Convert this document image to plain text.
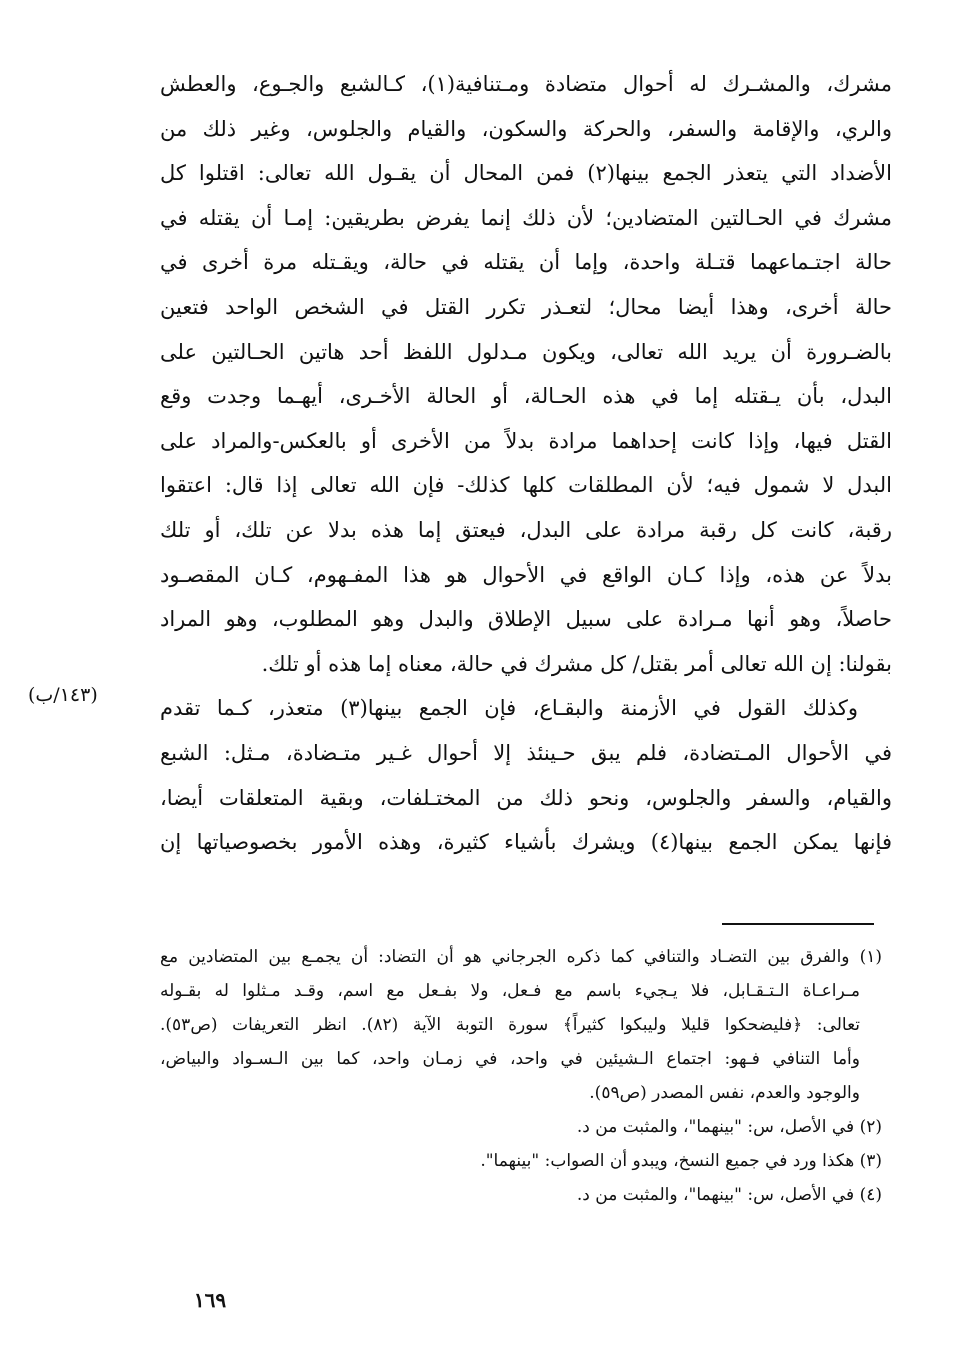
مشرك، والمشـرك له أحوال متضادة ومـتنافية(١)، كـالشبع والجـوع، والعطش
والري، والإقامة والسفر، والحركة والسكون، والقيام والجلوس، وغير ذلك من
الأضداد التي يتعذر الجمع بينها(٢) فمن المحال أن يقـول الله تعالى: اقتلوا كل
مشرك في الحـالتين المتضادين؛ لأن ذلك إنما يفرض بطريقين: إمـا أن يقتله في
حالة اجتـماعهما قتـلة واحدة، وإما أن يقتله في حالة، ويقـتله مرة أخرى في
حالة أخرى، وهذا أيضا محال؛ لتعـذر تكرر القتل في الشخص الواحد فتعين
بالضـرورة أن يريد الله تعالى، ويكون مـدلول اللفظ أحد هاتين الحـالتين على
البدل، بأن يـقتله إما في هذه الحـالة، أو الحالة الأخـرى، أيهـما وجدت وقع
القتل فيها، وإذا كانت إحداهما مرادة بدلاً من الأخرى أو بالعكس-والمراد على
البدل لا شمول فيه؛ لأن المطلقات كلها كذلك- فإن الله تعالى إذا قال: اعتقوا
رقبة، كانت كل رقبة مرادة على البدل، فيعتق إما هذه بدلا عن تلك، أو تلك
بدلاً عن هذه، وإذا كـان الواقع في الأحوال هو هذا المفـهوم، كـان المقصـود
حاصلاً، وهو أنها مـرادة على سبيل الإطلاق والبدل وهو المطلوب، وهو المراد
بقولنا: إن الله تعالى أمر بقتل/ كل مشرك في حالة، معناه إما هذه أو تلك.
وكذلك القول في الأزمنة والبقـاع، فإن الجمع بينها(٣) متعذر، كـما تقدم
في الأحوال المـتضادة، فلم يبق حـينئذ إلا أحوال غـير متـضادة، مـثل: الشبع
والقيام، والسفر والجلوس، ونحو ذلك من المختـلفات، وبقية المتعلقات أيضا،
فإنها يمكن الجمع بينها(٤) ويشرك بأشياء كثيرة، وهذه الأمور بخصوصياتها إن
(١٤٣/ب)
(١) والفرق بين التضـاد والتنافي كما ذكره الجرجاني هو أن التضاد: أن يجمـع بين المتضادين مع
مـراعـاة الـتـقـابل، فلا يـجيء باسم مع فـعل، ولا بفـعل مع اسم، وقـد مـثلوا له بقـوله
تعالى: ﴿فليضحكوا قليلا وليبكوا كثيراً﴾ سورة التوبة الآية (٨٢). انظر التعريفات (ص٥٣).
وأما التنافي فـهو: اجتماع الـشيئين في واحد، في زمـان واحد، كما بين الـسـواد والبياض،
والوجود والعدم، نفس المصدر (ص٥٩).
(٢) في الأصل، س: "بينهما"، والمثبت من د.
(٣) هكذا ورد في جميع النسخ، ويبدو أن الصواب: "بينهما".
(٤) في الأصل، س: "بينهما"، والمثبت من د.
١٦٩
